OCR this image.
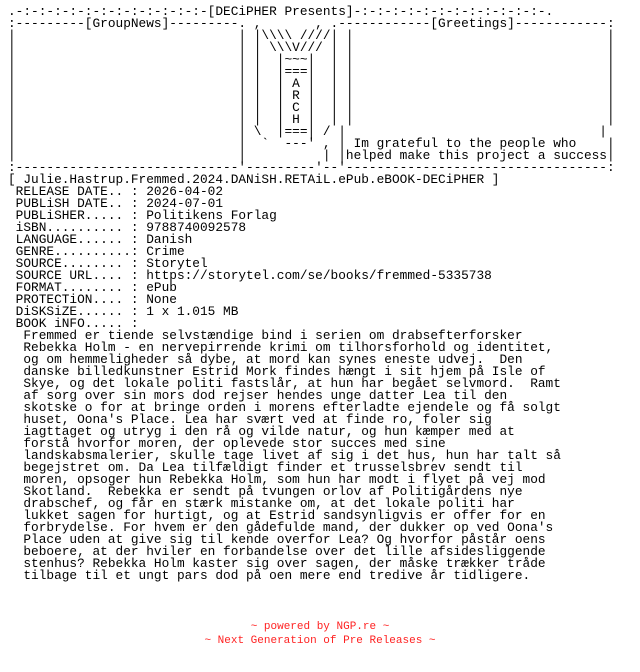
.-:-:-:-:-:-:-:-:-:-:-:-:-[DECiPHER Presents]-:-:-:-:-:-:-:-:-:-:-:-:-.
:---------[GroupNews]---------. ,       , .------------[Greetings]------------:
|                             | |\\\\ ////| |                                 |
|                             | | \\\V/// | |                                 |
|                             | |  |~~~|  | |                                 |
|                             | |  |===|  | |                                 |
|                             | |  | A |  | |                                 |
|                             | |  | R |  | |                                 |
|                             | |  | C |  | |                                 |
|                             | |  | H |  | |                                 |
|                             | \  |===| / |                                 |
|                             |  `  ---' , | Im grateful to the people who    |
|                             |          | |helped make this project a success|
:-----------------------------'---------'--'----------------------------------:
[ Julie.Hastrup.Fremmed.2024.DANiSH.RETAiL.ePub.eBOOK-DECiPHER ]
RELEASE DATE.. : 2026-04-02
PUBLiSH DATE.. : 2024-07-01
PUBLiSHER..... : Politikens Forlag
iSBN.......... : 9788740092578
LANGUAGE...... : Danish
GENRE..........: Crime
SOURCE........ : Storytel
SOURCE URL.... : https://storytel.com/se/books/fremmed-5335738
FORMAT........ : ePub
PROTECTiON.... : None
DiSKSiZE...... : 1 x 1.015 MB
BOOK iNFO..... :
Fremmed er tiende selvstændige bind i serien om drabsefterforsker
Rebekka Holm - en nervepirrende krimi om tilhorsforhold og identitet,
og om hemmeligheder så dybe, at mord kan synes eneste udvej.  Den
danske billedkunstner Estrid Mork findes hængt i sit hjem på Isle of
Skye, og det lokale politi fastslår, at hun har begået selvmord.  Ramt
af sorg over sin mors dod rejser hendes unge datter Lea til den
skotske o for at bringe orden i morens efterladte ejendele og få solgt
huset, Oona's Place. Lea har svært ved at finde ro, foler sig
iagttaget og utryg i den rå og vilde natur, og hun kæmper med at
forstå hvorfor moren, der oplevede stor succes med sine
landskabsmalerier, skulle tage livet af sig i det hus, hun har talt så
begejstret om. Da Lea tilfældigt finder et trusselsbrev sendt til
moren, opsoger hun Rebekka Holm, som hun har modt i flyet på vej mod
Skotland.  Rebekka er sendt på tvungen orlov af Politigårdens nye
drabschef, og får en stærk mistanke om, at det lokale politi har
lukket sagen for hurtigt, og at Estrid sandsynligvis er offer for en
forbrydelse. For hvem er den gådefulde mand, der dukker op ved Oona's
Place uden at give sig til kende overfor Lea? Og hvorfor påstår oens
beboere, at der hviler en forbandelse over det lille afsidesliggende
stenhus? Rebekka Holm kaster sig over sagen, der måske trækker tråde
tilbage til et ungt pars dod på oen mere end tredive år tidligere.

~ powered by NGP.re ~
~ Next Generation of Pre Releases ~
